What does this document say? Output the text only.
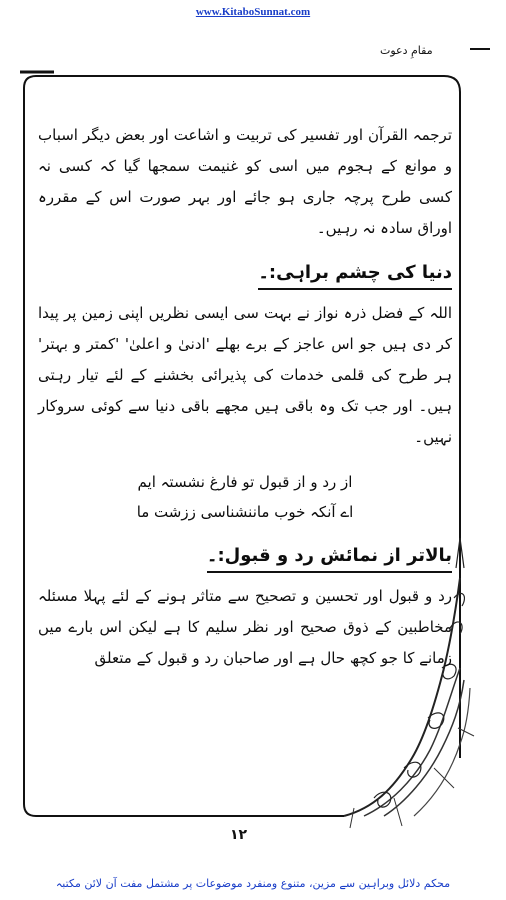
www.KitaboSunnat.com
مقامِ دعوت

ترجمہ القرآن اور تفسیر کی تربیت و اشاعت اور بعض دیگر اسباب و موانع کے ہجوم میں اسی کو غنیمت سمجھا گیا کہ کسی نہ کسی طرح پرچہ جاری ہو جائے اور بہر صورت اس کے مقررہ اوراق سادہ نہ رہیں۔

دنیا کی چشم براہی:۔

اللہ کے فضل ذرہ نواز نے بہت سی ایسی نظریں اپنی زمین پر پیدا کر دی ہیں جو اس عاجز کے برے بھلے 'ادنیٰ و اعلیٰ' 'کمتر و بہتر' ہر طرح کی قلمی خدمات کی پذیرائی بخشنے کے لئے تیار رہتی ہیں۔ اور جب تک وہ باقی ہیں مجھے باقی دنیا سے کوئی سروکار نہیں۔

از رد و از قبول تو فارغ نشستہ ایم
اے آنکہ خوب ماننشناسی ززشت ما
بالاتر از نمائش رد و قبول:۔

رد و قبول اور تحسین و تصحیح سے متاثر ہونے کے لئے پہلا مسئلہ مخاطبین کے ذوق صحیح اور نظر سلیم کا ہے لیکن اس بارے میں زمانے کا جو کچھ حال ہے اور صاحبان رد و قبول کے متعلق

۱۲
محکم دلائل وبراہین سے مزین، متنوع ومنفرد موضوعات پر مشتمل مفت آن لائن مکتبہ
